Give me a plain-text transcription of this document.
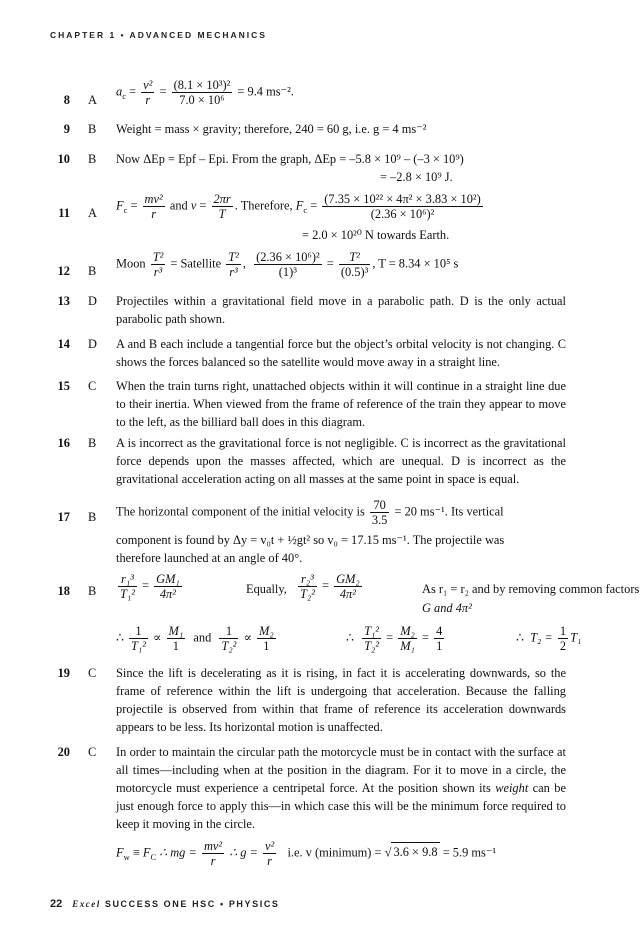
CHAPTER 1 • ADVANCED MECHANICS
8 A
$a_c = \frac{\text{v²}}{r} = \frac{\text{(8.1 × 10³)²}}{\text{7.0 × 10⁶}} = 9.4$ ms⁻².
9 B Weight = mass × gravity; therefore, 240 = 60 g, i.e. g = 4 ms⁻²
10 B Now ΔEp = Epf – Epi. From the graph, ΔEp = –5.8 × 10⁹ – (–3 × 10⁹)
= –2.8 × 10⁹ J.
11 A
$F_c = \frac{\text{mv²}}{r}$ and $v = \frac{2\pi r}{T}$ . Therefore, $F_c = \frac{\text{(7.35 × 10²² × 4π² × 3.83 × 10²)}}{\text{(2.36 × 10⁶)²}}$
= 2.0 × 10²⁰ N towards Earth.
12 B
Moon $\frac{\text{T²}}{\text{r³}}$ = Satellite $\frac{\text{T²}}{\text{r³}}$ , $\frac{\text{(2.36 × 10⁶)²}}{\text{(1)³}} = \frac{\text{T²}}{\text{(0.5)³}}$ , T = 8.34 × 10⁵ s
13 D Projectiles within a gravitational field move in a parabolic path. D is the only actual parabolic path shown.
14 D A and B each include a tangential force but the object’s orbital velocity is not changing. C shows the forces balanced so the satellite would move away in a straight line.
15 C When the train turns right, unattached objects within it will continue in a straight line due to their inertia. When viewed from the frame of reference of the train they appear to move to the left, as the billiard ball does in this diagram.
16 B A is incorrect as the gravitational force is not negligible. C is incorrect as the gravitational force depends upon the masses affected, which are unequal. D is incorrect as the gravitational acceleration acting on all masses at the same point in space is equal.
17 B The horizontal component of the initial velocity is $\frac{70}{3.5} = 20$ ms⁻¹. Its vertical
component is found by Δy = v₀t + ½gt² so v₀ = 17.15 ms⁻¹. The projectile was
therefore launched at an angle of 40°.
18 B $\frac{\text{r₁³}}{\text{T₁²}} = \frac{\text{GM₁}}{\text{4π²}}$	Equally, $\frac{\text{r₂³}}{\text{T₂²}} = \frac{\text{GM₂}}{\text{4π²}}$	As r₁ = r₂ and by removing common factors
G and 4π²
∴ $\frac{1}{\text{T₁²}} \propto \frac{\text{M₁}}{1}$ and $\frac{1}{\text{T₂²}} \propto \frac{\text{M₂}}{1}$	∴ $\frac{\text{T₁²}}{\text{T₂²}} = \frac{\text{M₂}}{\text{M₁}} = \frac{4}{1}$	∴ $T_2 = \frac{1}{2} T_1$
19 C Since the lift is decelerating as it is rising, in fact it is accelerating downwards, so the frame of reference within the lift is undergoing that acceleration. Because the falling projectile is observed from within that frame of reference its acceleration downwards appears to be less. Its horizontal motion is unaffected.
20 C In order to maintain the circular path the motorcycle must be in contact with the surface at all times—including when at the position in the diagram. For it to move in a circle, the motorcycle must experience a centripetal force. At the position shown its weight can be just enough force to apply this—in which case this will be the minimum force required to keep it moving in the circle.
$F_w \equiv F_C$ ∴ mg = $\frac{\text{mv²}}{r}$ ∴ $g = \frac{\text{v²}}{r} i.e$. v (minimum) = √ 3.6 × 9.8 = 5.9 ms⁻¹
22 Excel SUCCESS ONE HSC • PHYSICS
